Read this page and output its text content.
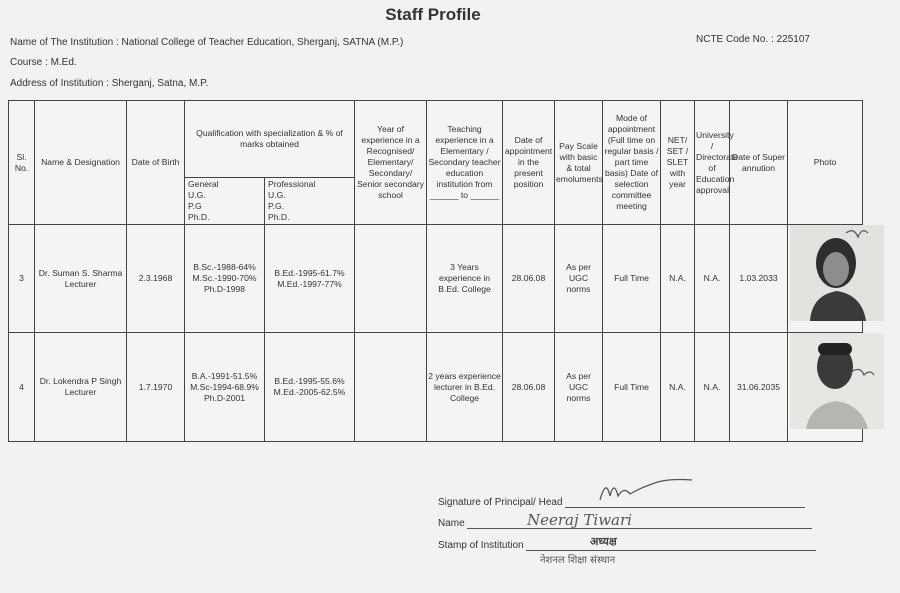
Staff Profile
Name of The Institution : National College of Teacher Education, Sherganj, SATNA (M.P.)	NCTE Code No. : 225107
Course : M.Ed.
Address of Institution : Sherganj, Satna, M.P.
Sl. No.	Name & Designation	Date of Birth	Qualification with specialization & % of marks obtained		Year of experience in a Recognised/ Elementary/ Secondary/ Senior secondary school	Teaching experience in a Elementary / Secondary teacher education institution from ______ to ______	Date of appointment in the present position	Pay Scale with basic & total emoluments	Mode of appointment (Full time on regular basis / part time basis) Date of selection committee meeting	NET/ SET / SLET with year	University / Directorate of Education approval	Date of Super annution	Photo
			General
U.G.
P.G
Ph.D.	Professional
U.G.
P.G.
Ph.D.									
3	Dr. Suman S. Sharma Lecturer	2.3.1968	B.Sc.-1988-64% M.Sc.-1990-70% Ph.D-1998	B.Ed.-1995-61.7% M.Ed.-1997-77%		3 Years experience in B.Ed. College	28.06.08	As per UGC norms	Full Time	N.A.	N.A.	1.03.2033	

4	Dr. Lokendra P Singh Lecturer	1.7.1970	B.A.-1991-51.5% M.Sc-1994-68.9% Ph.D-2001	B.Ed.-1995-55.6% M.Ed.-2005-62.5%		2 years experience lecturer in B.Ed. College	28.06.08	As per UGC norms	Full Time	N.A.	N.A.	31.06.2035	
Signature of Principal/ Head
Name
Stamp of Institution
Neeraj Tiwari
अध्यक्ष
नेशनल शिक्षा संस्थान
